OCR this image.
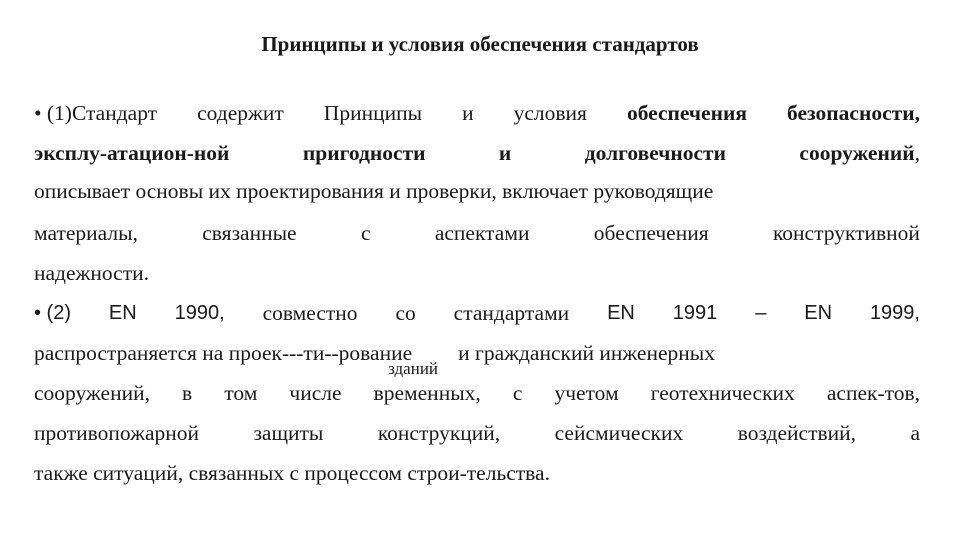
Принципы и условия обеспечения стандартов
• (1)Стандарт содержит Принципы и условия обеспечения безопасности,
эксплу-атацион-ной	пригодности	и	долговечности	сооружений,
описывает основы их проектирования и проверки, включает руководящие
материалы,	связанные	с	аспектами	обеспечения	конструктивной
надежности.
• (2) EN 1990, совместно со стандартами EN 1991 – EN 1999,
распространяется на проек---ти--рование
зданий
и гражданский инженерных
сооружений, в том числе временных, с учетом геотехнических аспек-тов,
противопожарной	защиты	конструкций,	сейсмических	воздействий,	а
также ситуаций, связанных с процессом строи-тельства.
